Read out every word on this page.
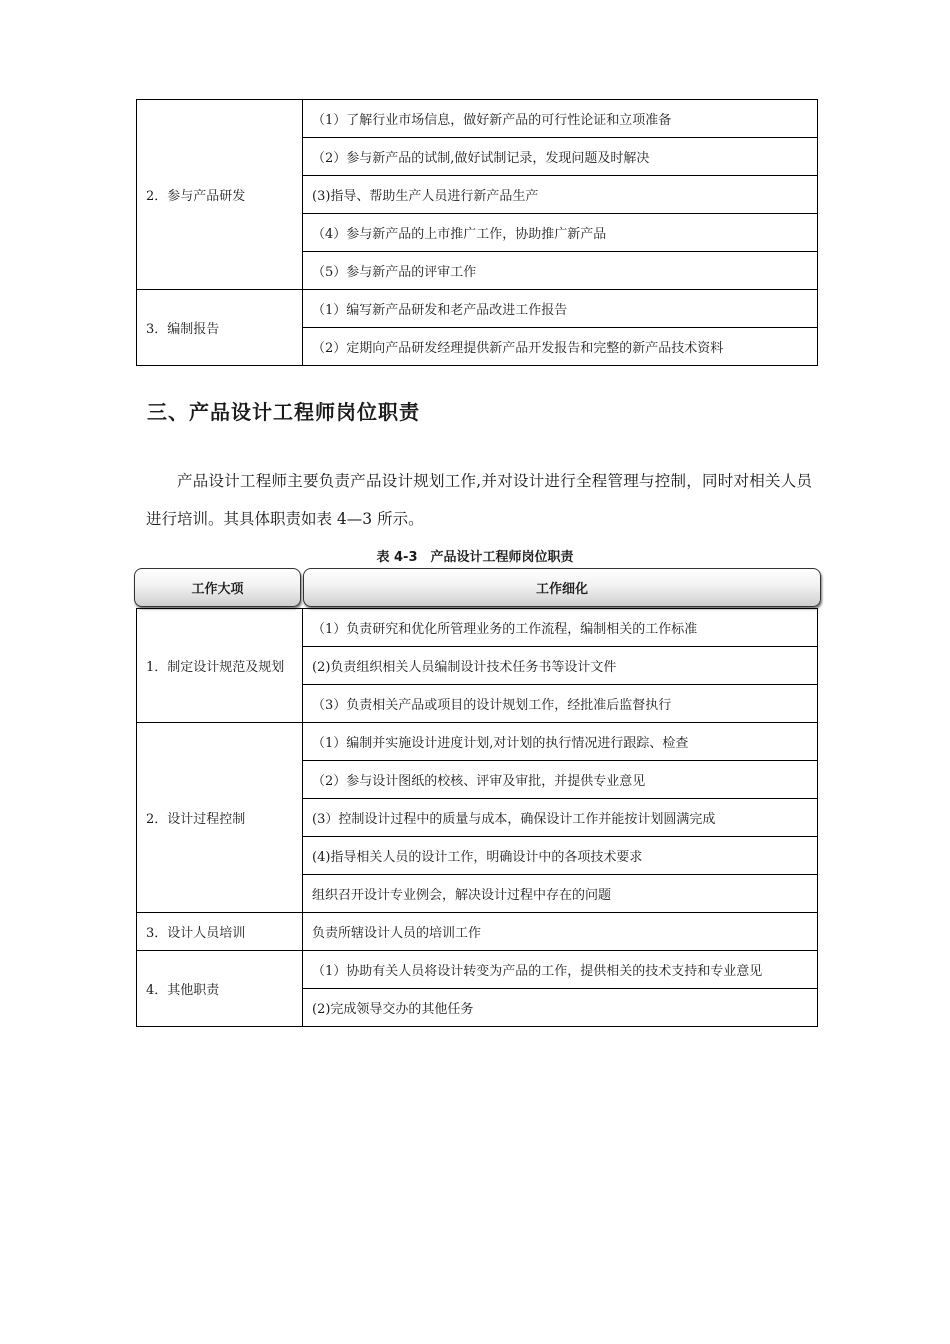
2．参与产品研发	（1）了解行业市场信息，做好新产品的可行性论证和立项准备
	（2）参与新产品的试制,做好试制记录，发现问题及时解决
	(3)指导、帮助生产人员进行新产品生产
	（4）参与新产品的上市推广工作，协助推广新产品
	（5）参与新产品的评审工作
3．编制报告	（1）编写新产品研发和老产品改进工作报告
	（2）定期向产品研发经理提供新产品开发报告和完整的新产品技术资料
三、产品设计工程师岗位职责
产品设计工程师主要负责产品设计规划工作,并对设计进行全程管理与控制，同时对相关人员进行培训。其具体职责如表 4—3 所示。
表 4-3　产品设计工程师岗位职责
工作大项	工作细化
1．制定设计规范及规划	（1）负责研究和优化所管理业务的工作流程，编制相关的工作标准
	(2)负责组织相关人员编制设计技术任务书等设计文件
	（3）负责相关产品或项目的设计规划工作，经批准后监督执行
2．设计过程控制	（1）编制并实施设计进度计划,对计划的执行情况进行跟踪、检查
	（2）参与设计图纸的校核、评审及审批，并提供专业意见
	(3）控制设计过程中的质量与成本，确保设计工作并能按计划圆满完成
	(4)指导相关人员的设计工作，明确设计中的各项技术要求
	组织召开设计专业例会，解决设计过程中存在的问题
3．设计人员培训	负责所辖设计人员的培训工作
4．其他职责	（1）协助有关人员将设计转变为产品的工作，提供相关的技术支持和专业意见
	(2)完成领导交办的其他任务
